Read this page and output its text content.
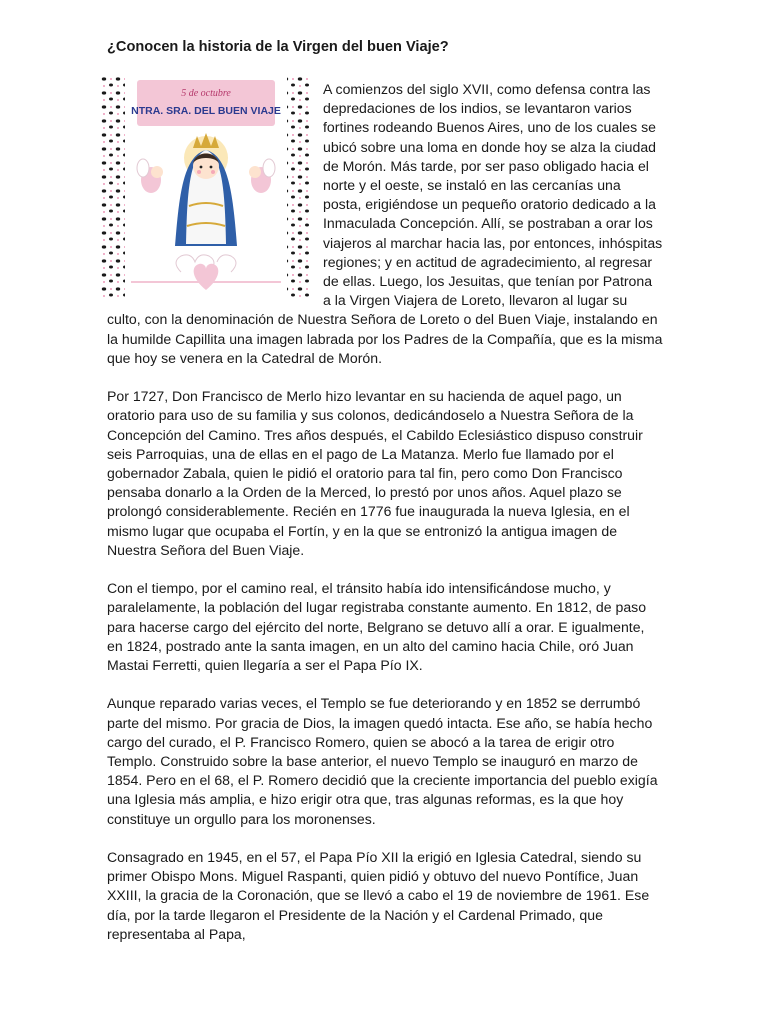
¿Conocen la historia de la Virgen del buen Viaje?
5 de octubre
NTRA. SRA. DEL BUEN VIAJE

A comienzos del siglo XVII, como defensa contra las depredaciones de los indios, se levantaron varios fortines rodeando Buenos Aires, uno de los cuales se ubicó sobre una loma en donde hoy se alza la ciudad de Morón. Más tarde, por ser paso obligado hacia el norte y el oeste, se instaló en las cercanías una posta, erigiéndose un pequeño oratorio dedicado a la Inmaculada Concepción. Allí, se postraban a orar los viajeros al marchar hacia las, por entonces, inhóspitas regiones; y en actitud de agradecimiento, al regresar de ellas. Luego, los Jesuitas, que tenían por Patrona a la Virgen Viajera de Loreto, llevaron al lugar su culto, con la denominación de Nuestra Señora de Loreto o del Buen Viaje, instalando en la humilde Capillita una imagen labrada por los Padres de la Compañía, que es la misma que hoy se venera en la Catedral de Morón.

Por 1727, Don Francisco de Merlo hizo levantar en su hacienda de aquel pago, un oratorio para uso de su familia y sus colonos, dedicándoselo a Nuestra Señora de la Concepción del Camino. Tres años después, el Cabildo Eclesiástico dispuso construir seis Parroquias, una de ellas en el pago de La Matanza. Merlo fue llamado por el gobernador Zabala, quien le pidió el oratorio para tal fin, pero como Don Francisco pensaba donarlo a la Orden de la Merced, lo prestó por unos años. Aquel plazo se prolongó considerablemente. Recién en 1776 fue inaugurada la nueva Iglesia, en el mismo lugar que ocupaba el Fortín, y en la que se entronizó la antigua imagen de Nuestra Señora del Buen Viaje.

Con el tiempo, por el camino real, el tránsito había ido intensificándose mucho, y paralelamente, la población del lugar registraba constante aumento. En 1812, de paso para hacerse cargo del ejército del norte, Belgrano se detuvo allí a orar. E igualmente, en 1824, postrado ante la santa imagen, en un alto del camino hacia Chile, oró Juan Mastai Ferretti, quien llegaría a ser el Papa Pío IX.

Aunque reparado varias veces, el Templo se fue deteriorando y en 1852 se derrumbó parte del mismo. Por gracia de Dios, la imagen quedó intacta. Ese año, se había hecho cargo del curado, el P. Francisco Romero, quien se abocó a la tarea de erigir otro Templo. Construido sobre la base anterior, el nuevo Templo se inauguró en marzo de 1854. Pero en el 68, el P. Romero decidió que la creciente importancia del pueblo exigía una Iglesia más amplia, e hizo erigir otra que, tras algunas reformas, es la que hoy constituye un orgullo para los moronenses.

Consagrado en 1945, en el 57, el Papa Pío XII la erigió en Iglesia Catedral, siendo su primer Obispo Mons. Miguel Raspanti, quien pidió y obtuvo del nuevo Pontífice, Juan XXIII, la gracia de la Coronación, que se llevó a cabo el 19 de noviembre de 1961. Ese día, por la tarde llegaron el Presidente de la Nación y el Cardenal Primado, que representaba al Papa,
